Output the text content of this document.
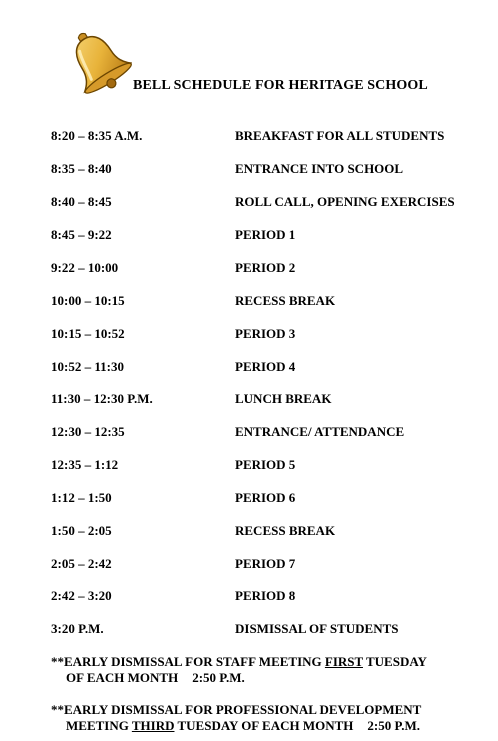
BELL SCHEDULE FOR HERITAGE SCHOOL
8:20 – 8:35 A.M.	BREAKFAST FOR ALL STUDENTS
8:35 – 8:40	ENTRANCE INTO SCHOOL
8:40 – 8:45	ROLL CALL, OPENING EXERCISES
8:45 – 9:22	PERIOD 1
9:22 – 10:00	PERIOD 2
10:00 – 10:15	RECESS BREAK
10:15 – 10:52	PERIOD 3
10:52 – 11:30	PERIOD 4
11:30 – 12:30 P.M.	LUNCH BREAK
12:30 – 12:35	ENTRANCE/ ATTENDANCE
12:35 – 1:12	PERIOD 5
1:12 – 1:50	PERIOD 6
1:50 – 2:05	RECESS BREAK
2:05 – 2:42	PERIOD 7
2:42 – 3:20	PERIOD 8
3:20 P.M.	DISMISSAL OF STUDENTS
**EARLY DISMISSAL FOR STAFF MEETING FIRST TUESDAY
OF EACH MONTH 2:50 P.M.
**EARLY DISMISSAL FOR PROFESSIONAL DEVELOPMENT
MEETING THIRD TUESDAY OF EACH MONTH 2:50 P.M.
